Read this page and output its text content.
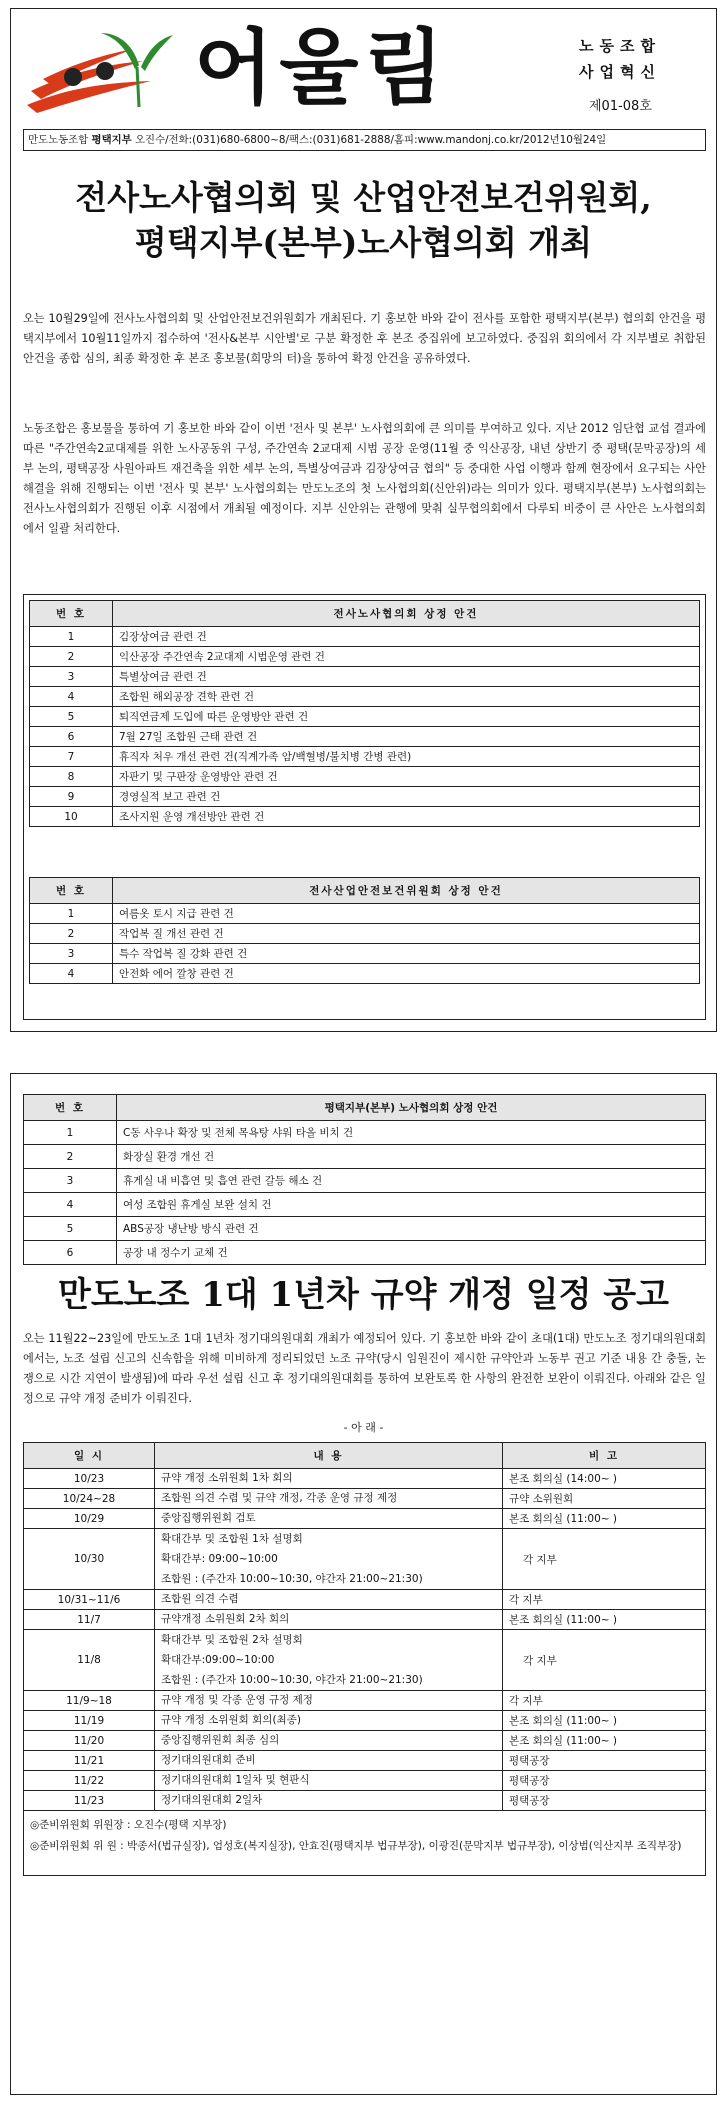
어울림	노동조합
사업혁신
제01-08호
만도노동조합 평택지부 오진수/전화:(031)680-6800~8/팩스:(031)681-2888/홈피:www.mandonj.co.kr/2012년10월24일
전사노사협의회 및 산업안전보건위원회,
평택지부(본부)노사협의회 개최
오는 10월29일에 전사노사협의회 및 산업안전보건위원회가 개최된다. 기 홍보한 바와 같이 전사를 포함한 평택지부(본부) 협의회 안건을 평택지부에서 10월11일까지 접수하여 '전사&본부 시안별'로 구분 확정한 후 본조 중집위에 보고하였다. 중집위 회의에서 각 지부별로 취합된 안건을 종합 심의, 최종 확정한 후 본조 홍보물(희망의 터)을 통하여 확정 안건을 공유하였다.
노동조합은 홍보물을 통하여 기 홍보한 바와 같이 이번 '전사 및 본부' 노사협의회에 큰 의미를 부여하고 있다. 지난 2012 임단협 교섭 결과에 따른 "주간연속2교대제를 위한 노사공동위 구성, 주간연속 2교대제 시범 공장 운영(11월 중 익산공장, 내년 상반기 중 평택(문막공장)의 세부 논의, 평택공장 사원아파트 재건축을 위한 세부 논의, 특별상여금과 김장상여금 협의" 등 중대한 사업 이행과 함께 현장에서 요구되는 사안 해결을 위해 진행되는 이번 '전사 및 본부' 노사협의회는 만도노조의 첫 노사협의회(신안위)라는 의미가 있다. 평택지부(본부) 노사협의회는 전사노사협의회가 진행된 이후 시점에서 개최될 예정이다. 지부 신안위는 관행에 맞춰 실무협의회에서 다루되 비중이 큰 사안은 노사협의회에서 일괄 처리한다.
번 호	전사노사협의회 상정 안건
1	김장상여금 관련 건
2	익산공장 주간연속 2교대제 시범운영 관련 건
3	특별상여금 관련 건
4	조합원 해외공장 견학 관련 건
5	퇴직연금제 도입에 따른 운영방안 관련 건
6	7월 27일 조합원 근태 관련 건
7	휴직자 처우 개선 관련 건(직계가족 암/백혈병/불치병 간병 관련)
8	자판기 및 구판장 운영방안 관련 건
9	경영실적 보고 관련 건
10	조사지원 운영 개선방안 관련 건
번 호	전사산업안전보건위원회 상정 안건
1	여름옷 토시 지급 관련 건
2	작업복 질 개선 관련 건
3	특수 작업복 질 강화 관련 건
4	안전화 에어 깔창 관련 건
번 호	평택지부(본부) 노사협의회 상정 안건
1	C동 사우나 확장 및 전체 목욕탕 샤워 타올 비치 건
2	화장실 환경 개선 건
3	휴게실 내 비흡연 및 흡연 관련 갈등 해소 건
4	여성 조합원 휴게실 보완 설치 건
5	ABS공장 냉난방 방식 관련 건
6	공장 내 정수기 교체 건
만도노조 1대 1년차 규약 개정 일정 공고
오는 11월22~23일에 만도노조 1대 1년차 정기대의원대회 개최가 예정되어 있다. 기 홍보한 바와 같이 초대(1대) 만도노조 정기대의원대회에서는, 노조 설립 신고의 신속함을 위해 미비하게 정리되었던 노조 규약(당시 임원진이 제시한 규약안과 노동부 권고 기준 내용 간 충돌, 논쟁으로 시간 지연이 발생됨)에 따라 우선 설립 신고 후 정기대의원대회를 통하여 보완토록 한 사항의 완전한 보완이 이뤄진다. 아래와 같은 일정으로 규약 개정 준비가 이뤄진다.
- 아 래 -
일 시	내 용	비 고
10/23	규약 개정 소위원회 1차 회의	본조 회의실 (14:00~ )
10/24~28	조합원 의견 수렴 및 규약 개정, 각종 운영 규정 제정	규약 소위원회
10/29	중앙집행위원회 검토	본조 회의실 (11:00~ )
10/30	확대간부 및 조합원 1차 설명회
확대간부: 09:00~10:00
조합원 : (주간자 10:00~10:30, 야간자 21:00~21:30)	각 지부
10/31~11/6	조합원 의견 수렴	각 지부
11/7	규약개정 소위원회 2차 회의	본조 회의실 (11:00~ )
11/8	확대간부 및 조합원 2차 설명회
확대간부:09:00~10:00
조합원 : (주간자 10:00~10:30, 야간자 21:00~21:30)	각 지부
11/9~18	규약 개정 및 각종 운영 규정 제정	각 지부
11/19	규약 개정 소위원회 회의(최종)	본조 회의실 (11:00~ )
11/20	중앙집행위원회 최종 심의	본조 회의실 (11:00~ )
11/21	정기대의원대회 준비	평택공장
11/22	정기대의원대회 1일차 및 현판식	평택공장
11/23	정기대의원대회 2일차	평택공장

◎준비위원회 위원장 : 오진수(평택 지부장)
◎준비위원회 위 원 : 박종서(법규실장), 엄성호(복지실장), 안효진(평택지부 법규부장), 이광진(문막지부 법규부장), 이상범(익산지부 조직부장)		
